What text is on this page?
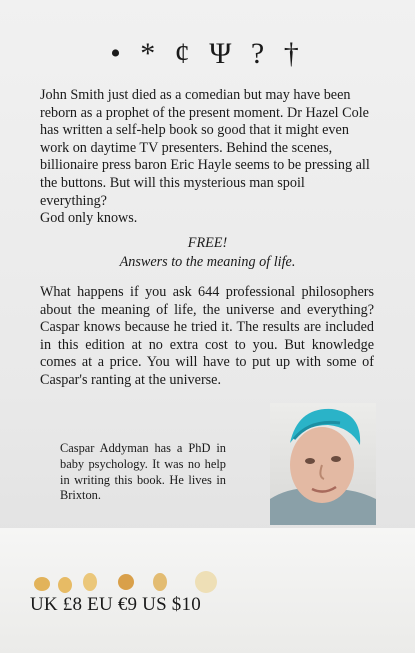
• * ¢ Ψ ? †

John Smith just died as a comedian but may have been reborn as a prophet of the present moment. Dr Hazel Cole has written a self-help book so good that it might even work on daytime TV presenters. Behind the scenes, billionaire press baron Eric Hayle seems to be pressing all the buttons. But will this mysterious man spoil everything?

God only knows.

FREE!
Answers to the meaning of life.
What happens if you ask 644 professional philosophers about the meaning of life, the universe and everything? Caspar knows because he tried it. The results are included in this edition at no extra cost to you. But knowledge comes at a price. You will have to put up with some of Caspar's ranting at the universe.
Caspar Addyman has a PhD in baby psychology. It was no help in writing this book. He lives in Brixton.
UK £8 EU €9 US $10
